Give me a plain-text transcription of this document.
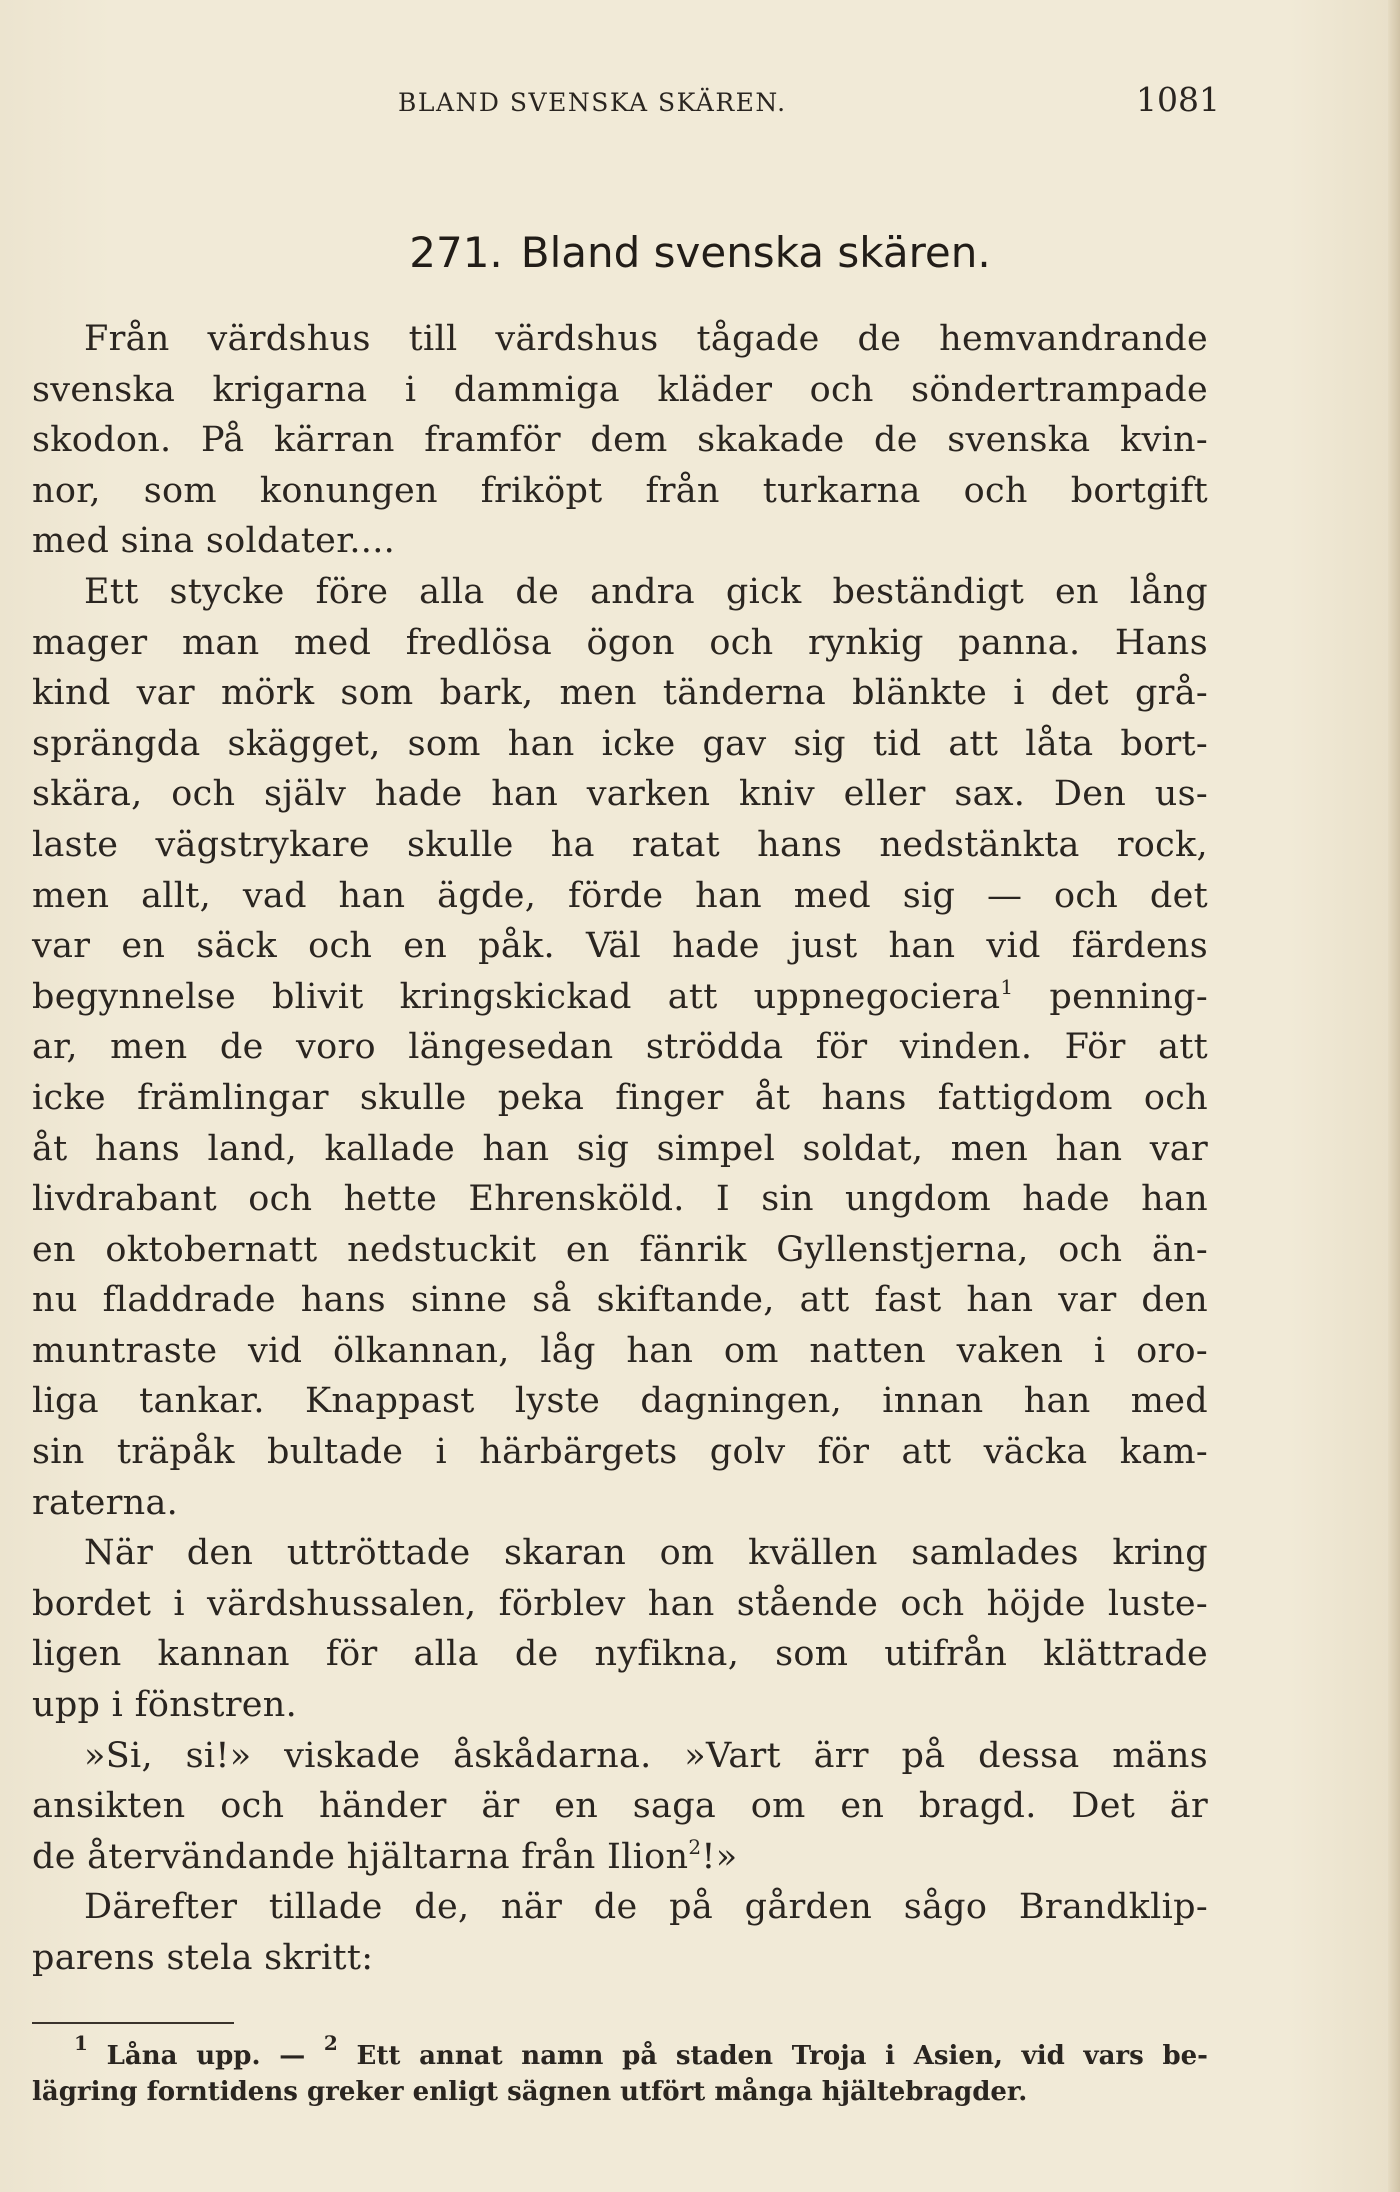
BLAND SVENSKA SKÄREN.	1081
271. Bland svenska skären.
Från värdshus till värdshus tågade de hemvandrande
svenska krigarna i dammiga kläder och söndertrampade
skodon. På kärran framför dem skakade de svenska kvin-
nor, som konungen friköpt från turkarna och bortgift
med sina soldater....
Ett stycke före alla de andra gick beständigt en lång
mager man med fredlösa ögon och rynkig panna. Hans
kind var mörk som bark, men tänderna blänkte i det grå-
sprängda skägget, som han icke gav sig tid att låta bort-
skära, och själv hade han varken kniv eller sax. Den us-
laste vägstrykare skulle ha ratat hans nedstänkta rock,
men allt, vad han ägde, förde han med sig — och det
var en säck och en påk. Väl hade just han vid färdens
begynnelse blivit kringskickad att uppnegociera$^1$ penning-
ar, men de voro längesedan strödda för vinden. För att
icke främlingar skulle peka finger åt hans fattigdom och
åt hans land, kallade han sig simpel soldat, men han var
livdrabant och hette Ehrensköld. I sin ungdom hade han
en oktobernatt nedstuckit en fänrik Gyllenstjerna, och än-
nu fladdrade hans sinne så skiftande, att fast han var den
muntraste vid ölkannan, låg han om natten vaken i oro-
liga tankar. Knappast lyste dagningen, innan han med
sin träpåk bultade i härbärgets golv för att väcka kam-
raterna.
När den uttröttade skaran om kvällen samlades kring
bordet i värdshussalen, förblev han stående och höjde luste-
ligen kannan för alla de nyfikna, som utifrån klättrade
upp i fönstren.
»Si, si!» viskade åskådarna. »Vart ärr på dessa mäns
ansikten och händer är en saga om en bragd. Det är
de återvändande hjältarna från Ilion$^2$!»
Därefter tillade de, när de på gården sågo Brandklip-
parens stela skritt:
$^1$ Låna upp. — $^2$ Ett annat namn på staden Troja i Asien, vid vars be-
lägring forntidens greker enligt sägnen utfört många hjältebragder.
